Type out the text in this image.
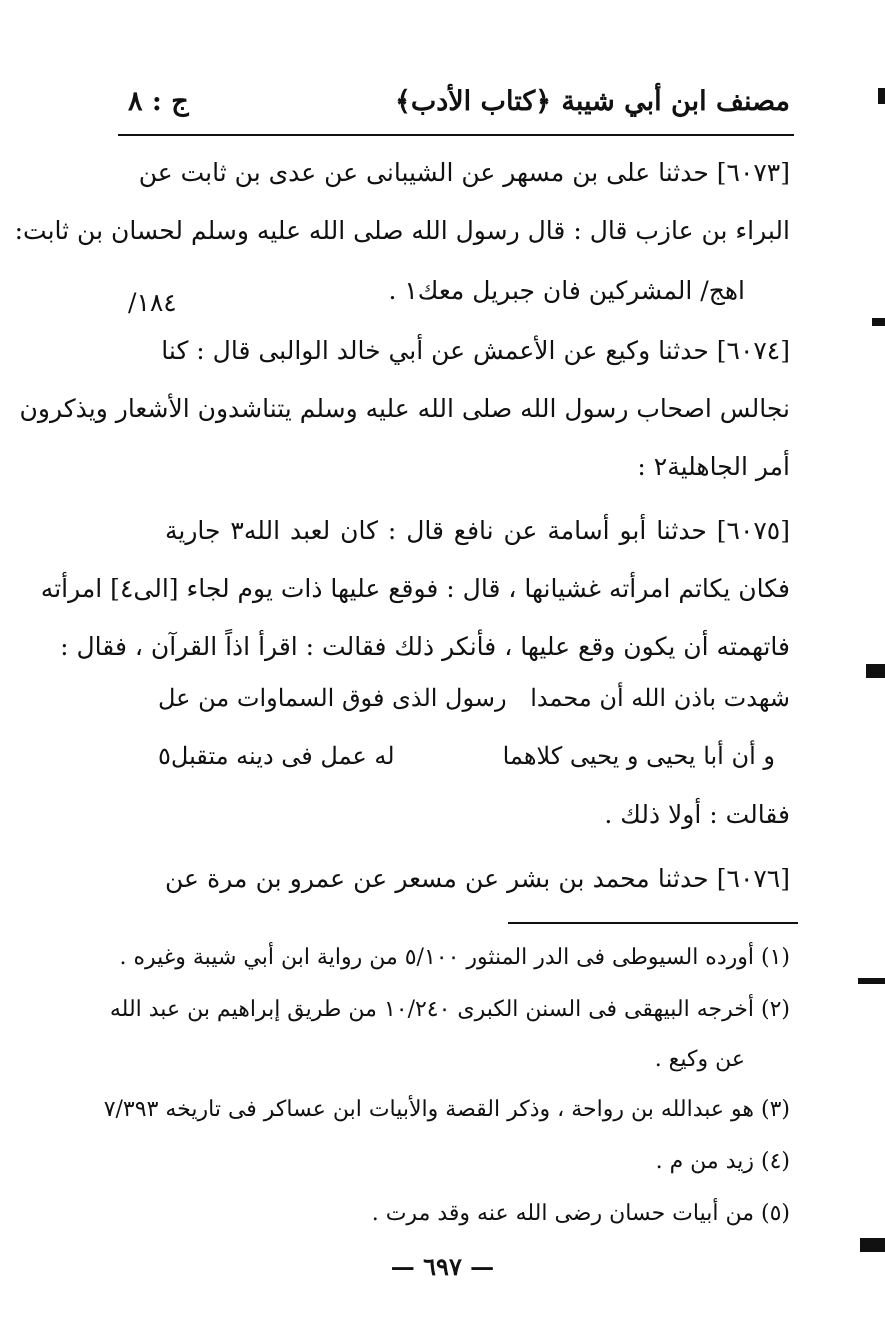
مصنف ابن أبي شيبة
﴿كتاب الأدب﴾
ج : ٨
[٦٠٧٣] حدثنا على بن مسهر عن الشيبانى عن عدى بن ثابت عن
البراء بن عازب قال : قال رسول الله صلى الله عليه وسلم لحسان بن ثابت:
اهج/ المشركين فان جبريل معك١ .
١٨٤/
[٦٠٧٤] حدثنا وكيع عن الأعمش عن أبي خالد الوالبى قال : كنا
نجالس اصحاب رسول الله صلى الله عليه وسلم يتناشدون الأشعار ويذكرون
أمر الجاهلية٢ :
[٦٠٧٥] حدثنا أبو أسامة عن نافع قال : كان لعبد الله٣ جارية
فكان يكاتم امرأته غشيانها ، قال : فوقع عليها ذات يوم لجاء [الى٤] امرأته
فاتهمته أن يكون وقع عليها ، فأنكر ذلك فقالت : اقرأ اذاً القرآن ، فقال :
شهدت باذن الله أن محمدا
رسول الذى فوق السماوات من عل
و أن أبا يحيى و يحيى كلاهما
له عمل فى دينه متقبل٥
فقالت : أولا ذلك .
[٦٠٧٦] حدثنا محمد بن بشر عن مسعر عن عمرو بن مرة عن
(١) أورده السيوطى فى الدر المنثور ٥/١٠٠ من رواية ابن أبي شيبة وغيره .
(٢) أخرجه البيهقى فى السنن الكبرى ١٠/٢٤٠ من طريق إبراهيم بن عبد الله
عن وكيع .
(٣) هو عبدالله بن رواحة ، وذكر القصة والأبيات ابن عساكر فى تاريخه ٧/٣٩٣
(٤) زيد من م .
(٥) من أبيات حسان رضى الله عنه وقد مرت .
— ٦٩٧ —
